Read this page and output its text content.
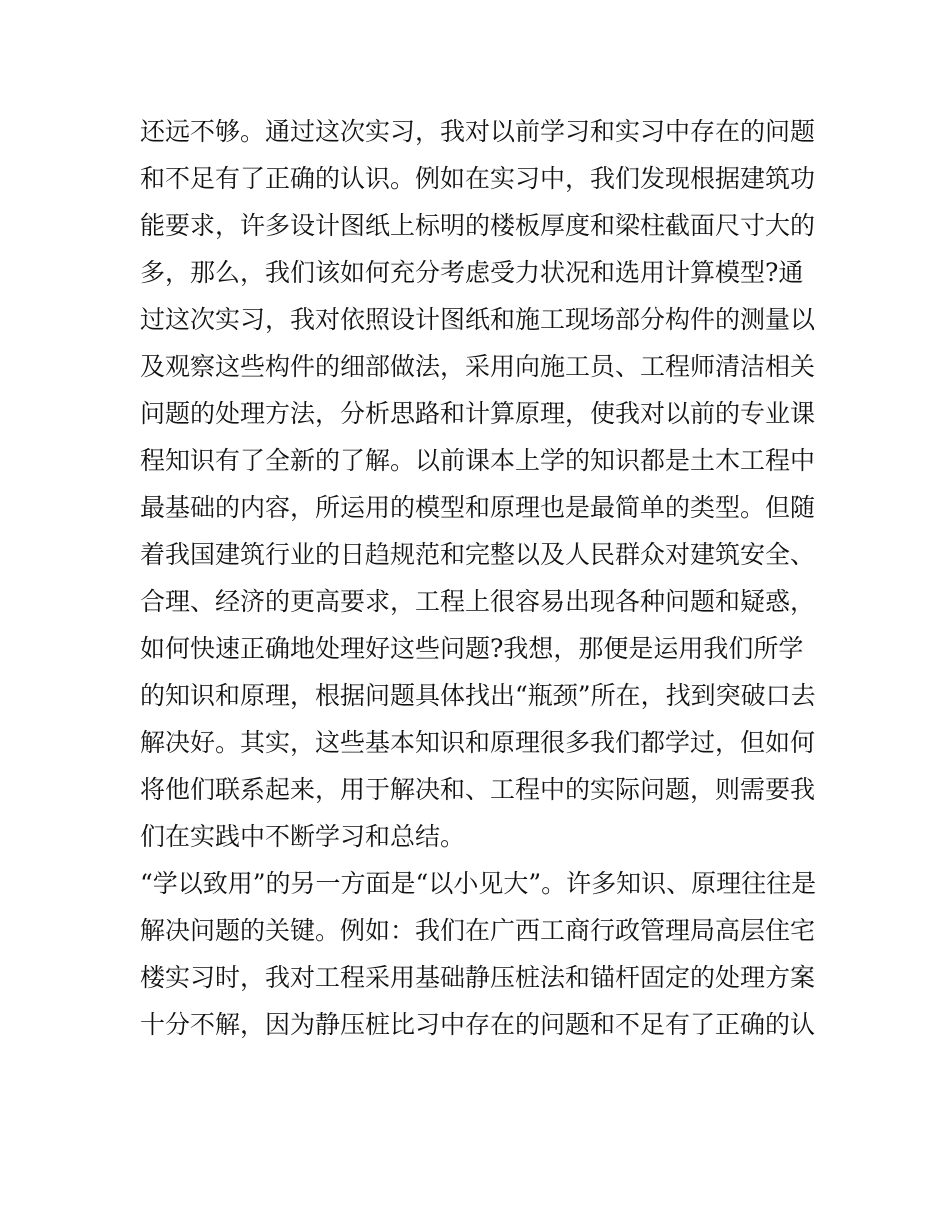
还远不够。通过这次实习，我对以前学习和实习中存在的问题
和不足有了正确的认识。例如在实习中，我们发现根据建筑功
能要求，许多设计图纸上标明的楼板厚度和梁柱截面尺寸大的
多，那么，我们该如何充分考虑受力状况和选用计算模型?通
过这次实习，我对依照设计图纸和施工现场部分构件的测量以
及观察这些构件的细部做法，采用向施工员、工程师清洁相关
问题的处理方法，分析思路和计算原理，使我对以前的专业课
程知识有了全新的了解。以前课本上学的知识都是土木工程中
最基础的内容，所运用的模型和原理也是最简单的类型。但随
着我国建筑行业的日趋规范和完整以及人民群众对建筑安全、
合理、经济的更高要求，工程上很容易出现各种问题和疑惑，
如何快速正确地处理好这些问题?我想，那便是运用我们所学
的知识和原理，根据问题具体找出“瓶颈”所在，找到突破口去
解决好。其实，这些基本知识和原理很多我们都学过，但如何
将他们联系起来，用于解决和、工程中的实际问题，则需要我
们在实践中不断学习和总结。
“学以致用”的另一方面是“以小见大”。许多知识、原理往往是
解决问题的关键。例如：我们在广西工商行政管理局高层住宅
楼实习时，我对工程采用基础静压桩法和锚杆固定的处理方案
十分不解，因为静压桩比习中存在的问题和不足有了正确的认
